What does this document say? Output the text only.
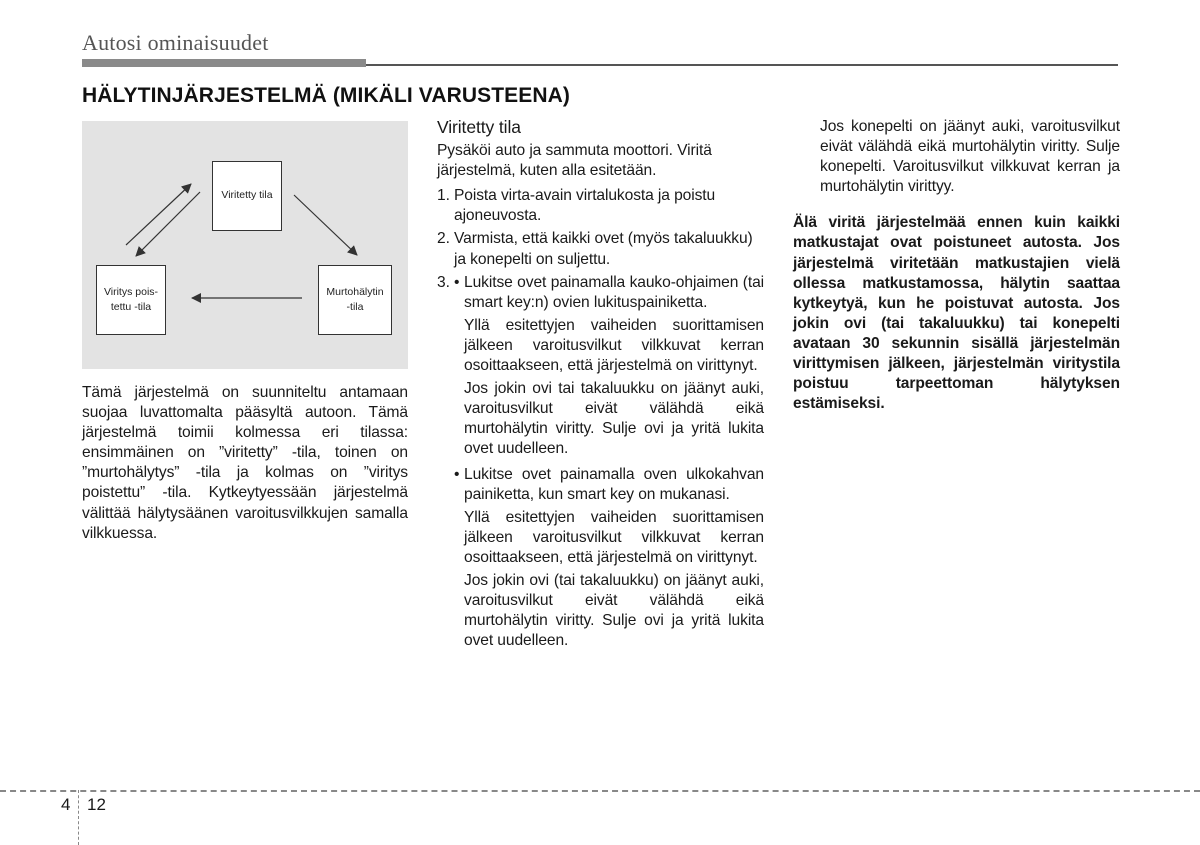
Autosi ominaisuudet
HÄLYTINJÄRJESTELMÄ (MIKÄLI VARUSTEENA)
Viritetty tila
Murtohälytin
-tila
Viritys pois-
tettu -tila

Tämä järjestelmä on suunniteltu antamaan suojaa luvattomalta pääsyltä autoon. Tämä järjestelmä toimii kolmessa eri tilassa: ensimmäinen on ”viritetty” -tila, toinen on ”murtohälytys” -tila ja kolmas on ”viritys poistettu” -tila. Kytkeytyessään järjestelmä välittää hälytysäänen varoitusvilkkujen samalla vilkkuessa.

Viritetty tila

Pysäköi auto ja sammuta moottori. Viritä järjestelmä, kuten alla esitetään.

1. Poista virta-avain virtalukosta ja poistu ajoneuvosta.
2. Varmista, että kaikki ovet (myös takaluukku) ja konepelti on suljettu.
3. • Lukitse ovet painamalla kauko-ohjaimen (tai smart key:n) ovien lukituspainiketta.

Yllä esitettyjen vaiheiden suorittamisen jälkeen varoitusvilkut vilkkuvat kerran osoittaakseen, että järjestelmä on virittynyt.

Jos jokin ovi tai takaluukku on jäänyt auki, varoitusvilkut eivät välähdä eikä murtohälytin viritty. Sulje ovi ja yritä lukita ovet uudelleen.

• Lukitse ovet painamalla oven ulkokahvan painiketta, kun smart key on mukanasi.

Yllä esitettyjen vaiheiden suorittamisen jälkeen varoitusvilkut vilkkuvat kerran osoittaakseen, että järjestelmä on virittynyt.

Jos jokin ovi (tai takaluukku) on jäänyt auki, varoitusvilkut eivät välähdä eikä murtohälytin viritty. Sulje ovi ja yritä lukita ovet uudelleen.

Jos konepelti on jäänyt auki, varoitusvilkut eivät välähdä eikä murtohälytin viritty. Sulje konepelti. Varoitusvilkut vilkkuvat kerran ja murtohälytin virittyy.

Älä viritä järjestelmää ennen kuin kaikki matkustajat ovat poistuneet autosta. Jos järjestelmä viritetään matkustajien vielä ollessa matkustamossa, hälytin saattaa kytkeytyä, kun he poistuvat autosta. Jos jokin ovi (tai takaluukku) tai konepelti avataan 30 sekunnin sisällä järjestelmän virittymisen jälkeen, järjestelmän viritystila poistuu tarpeettoman hälytyksen estämiseksi.

4 12
